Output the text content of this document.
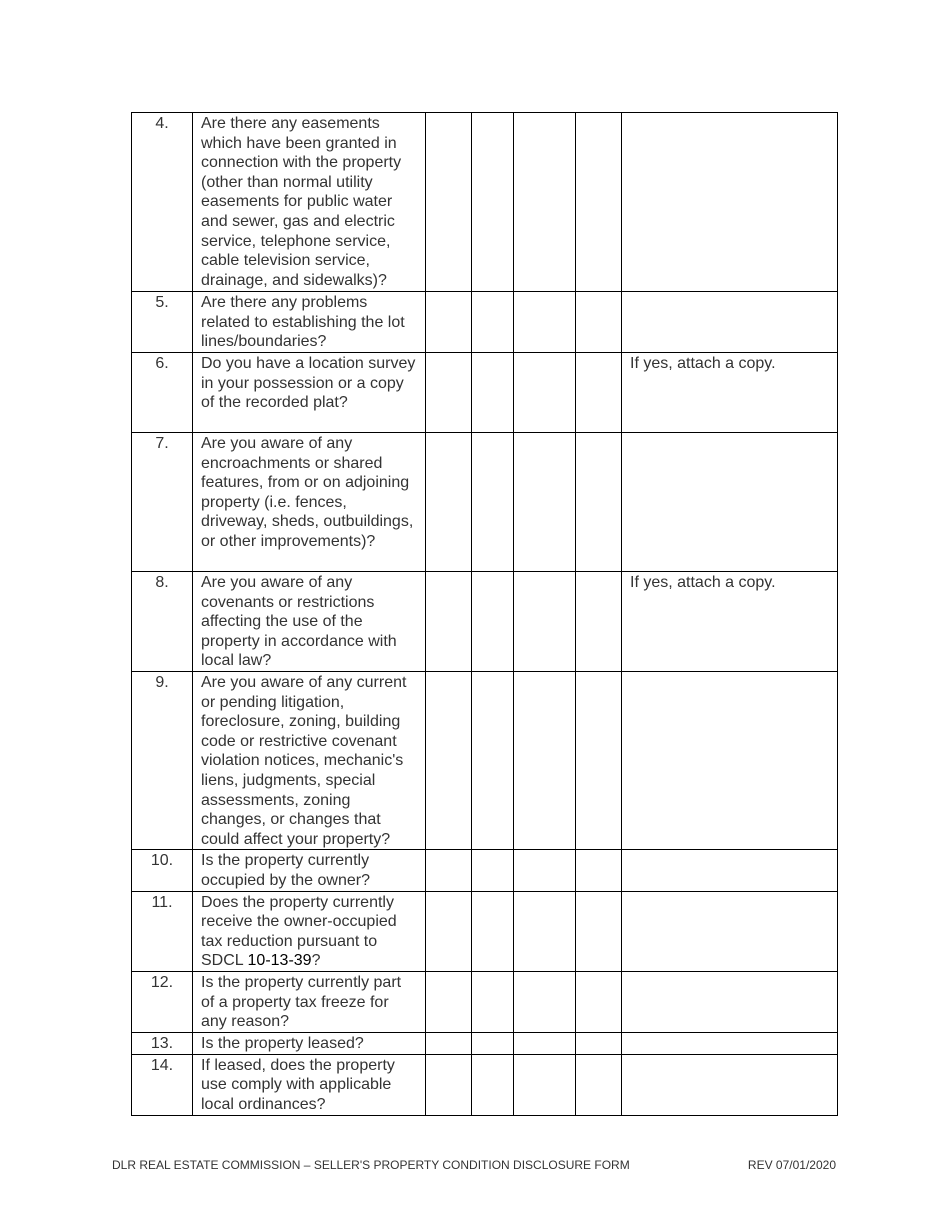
4.	Are there any easements which have been granted in connection with the property (other than normal utility easements for public water and sewer, gas and electric service, telephone service, cable television service, drainage, and sidewalks)?					
5.	Are there any problems related to establishing the lot lines/boundaries?					
6.	Do you have a location survey in your possession or a copy of the recorded plat?					If yes, attach a copy.
7.	Are you aware of any encroachments or shared features, from or on adjoining property (i.e. fences, driveway, sheds, outbuildings, or other improvements)?					
8.	Are you aware of any covenants or restrictions affecting the use of the property in accordance with local law?					If yes, attach a copy.
9.	Are you aware of any current or pending litigation, foreclosure, zoning, building code or restrictive covenant violation notices, mechanic's liens, judgments, special assessments, zoning changes, or changes that could affect your property?					
10.	Is the property currently occupied by the owner?					
11.	Does the property currently receive the owner-occupied tax reduction pursuant to SDCL 10-13-39?					
12.	Is the property currently part of a property tax freeze for any reason?					
13.	Is the property leased?					
14.	If leased, does the property use comply with applicable local ordinances?					
DLR REAL ESTATE COMMISSION – SELLER'S PROPERTY CONDITION DISCLOSURE FORM	REV 07/01/2020
